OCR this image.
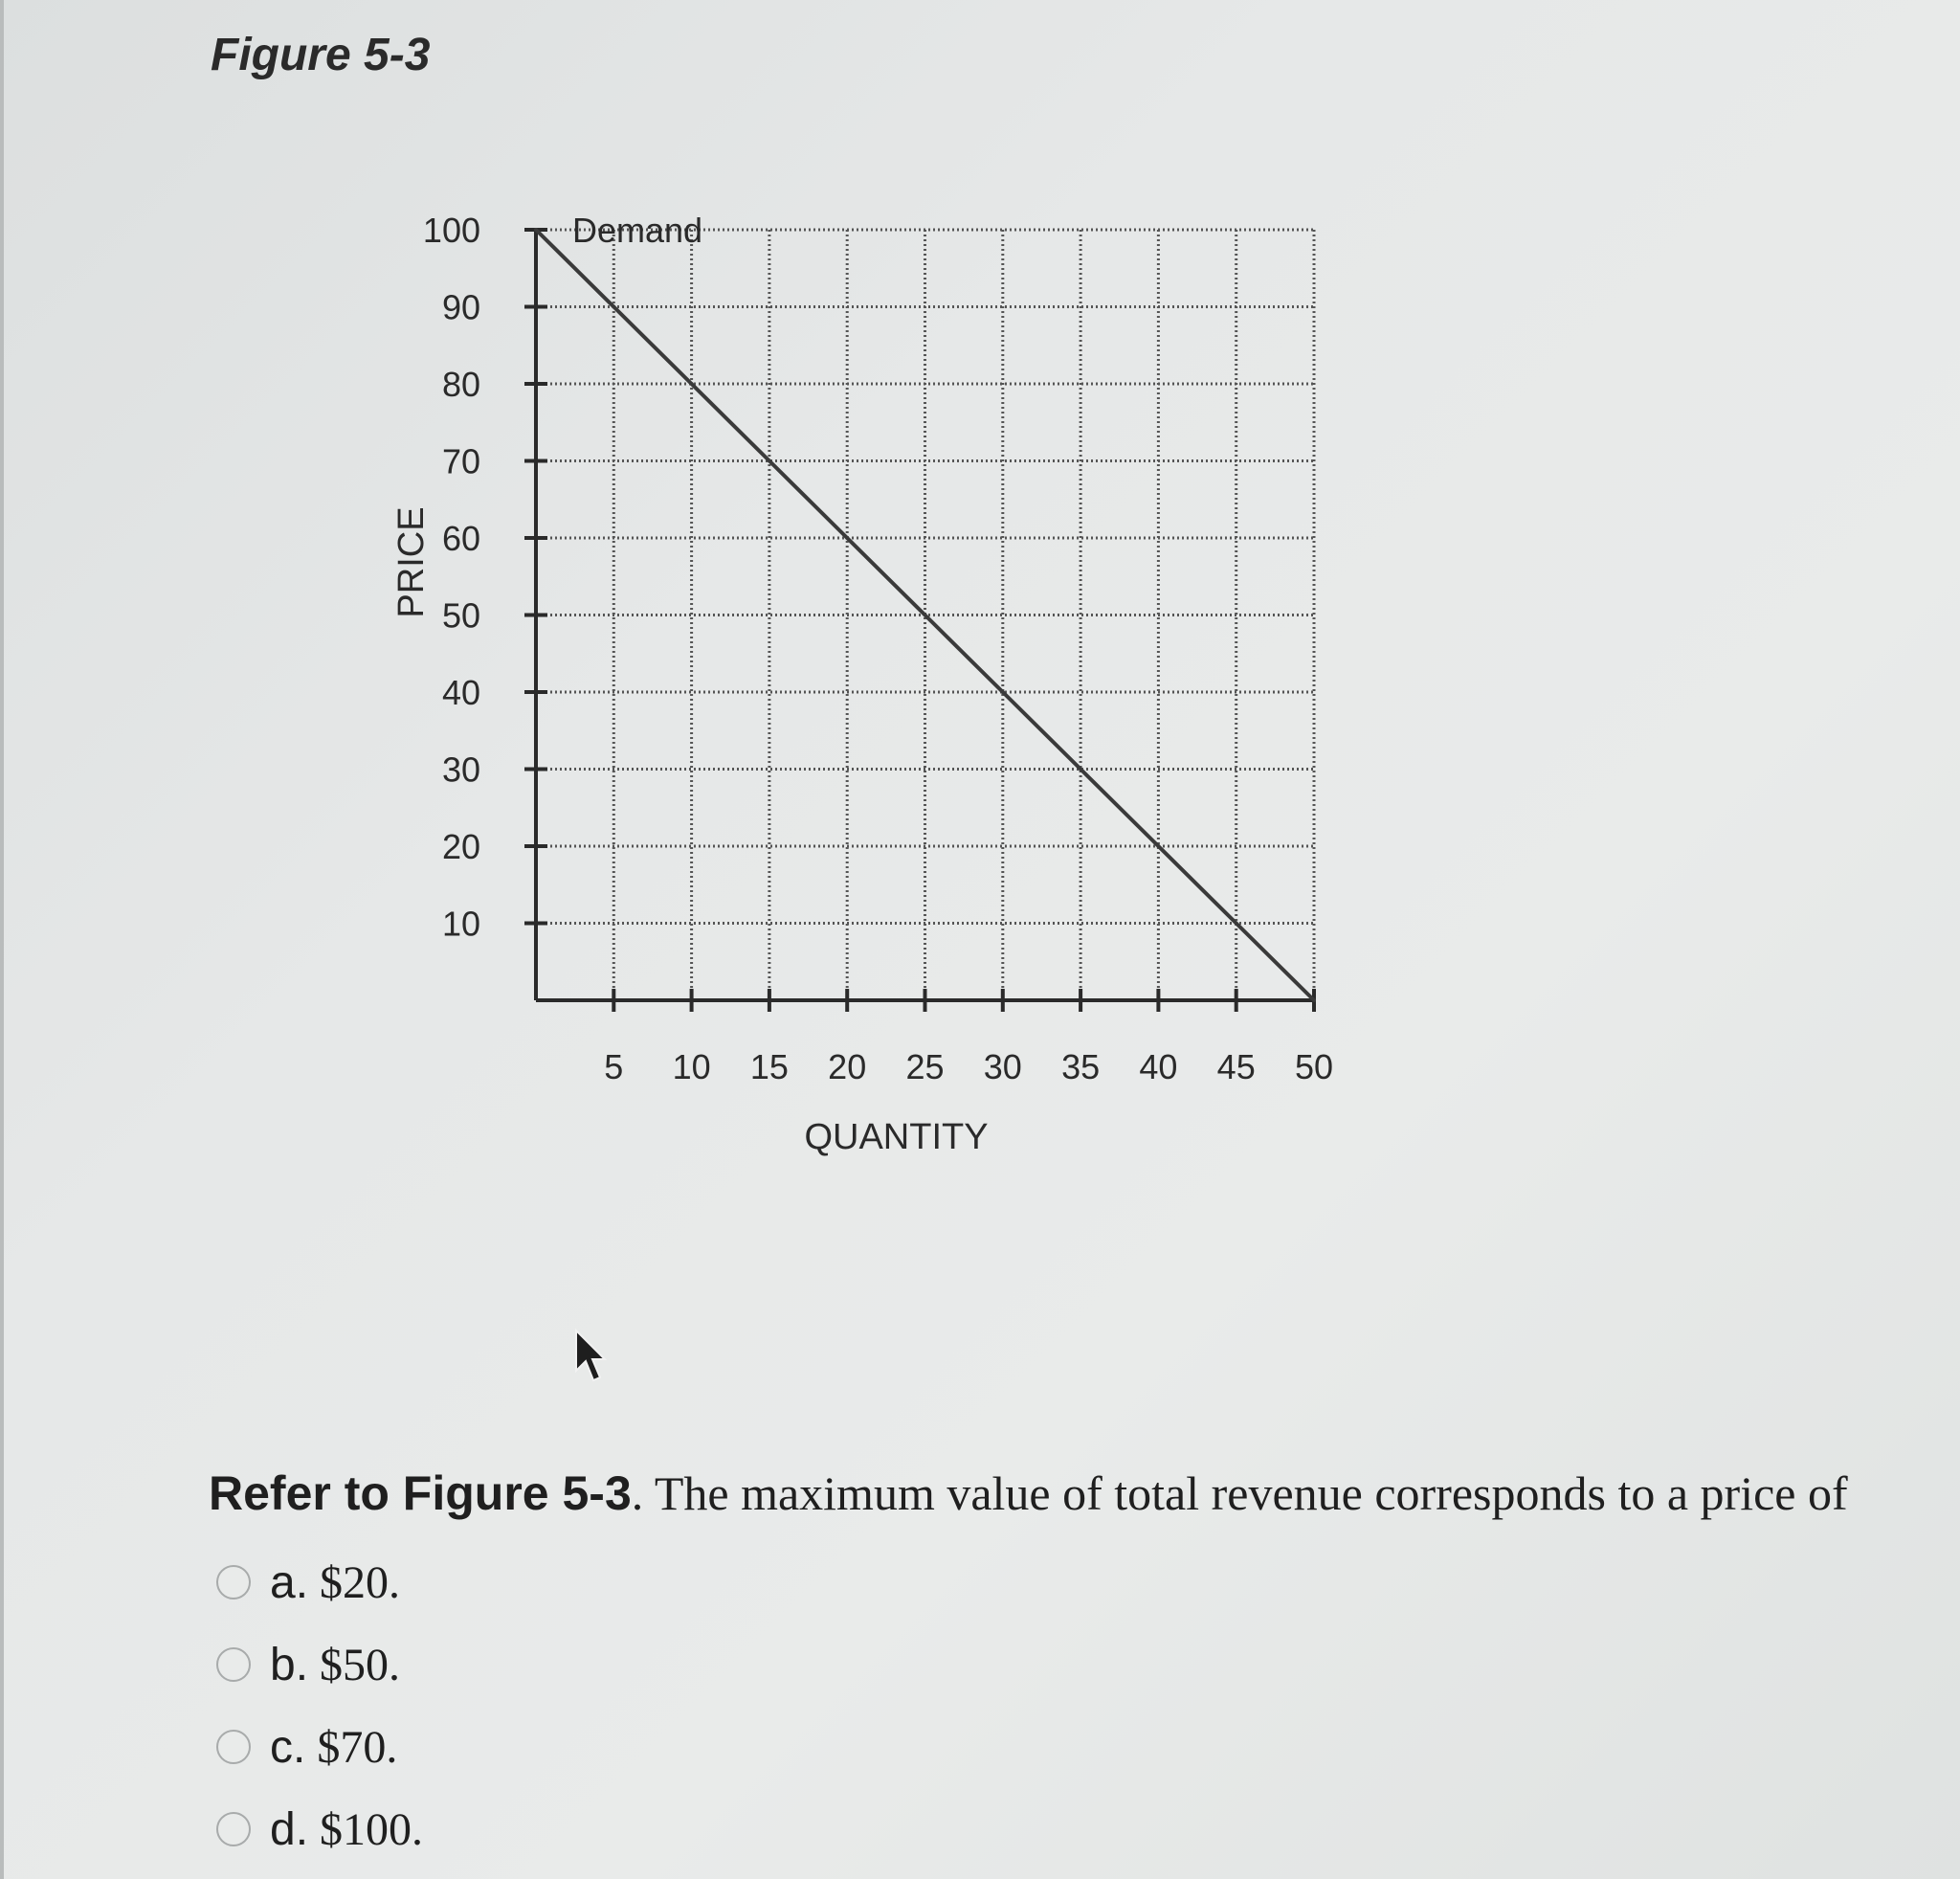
Figure 5-3
10
20
30
40
50
60
70
80
90
100
5 10 15 20 25 30 35 40 45 50
QUANTITY
PRICE
Demand

Refer to Figure 5-3. The maximum value of total revenue corresponds to a price of

a. $20.
b. $50.
c. $70.
d. $100.
